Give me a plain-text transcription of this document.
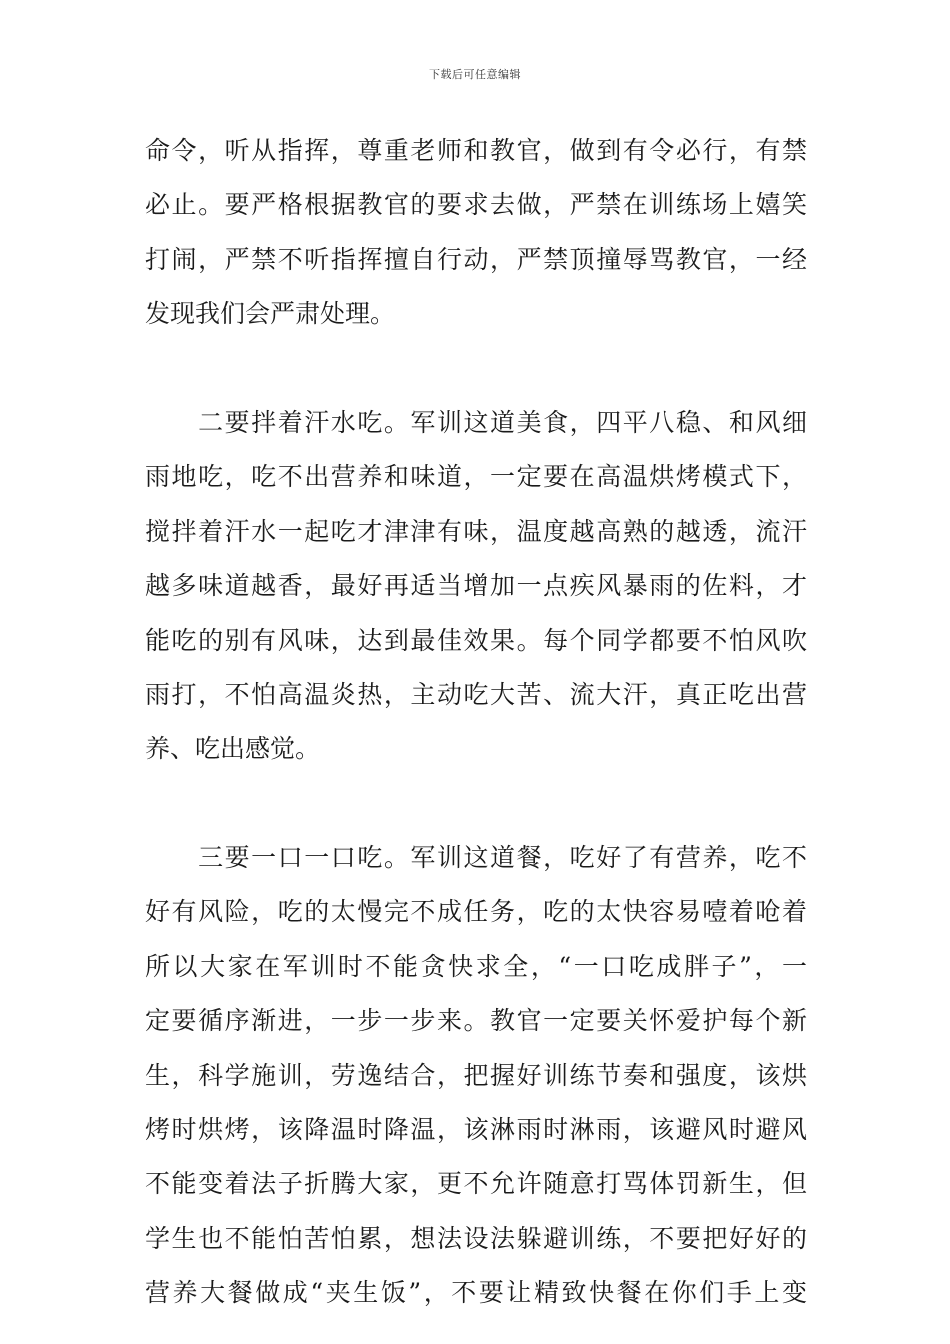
下载后可任意编辑
命令，听从指挥，尊重老师和教官，做到有令必行，有禁
必止。要严格根据教官的要求去做，严禁在训练场上嬉笑
打闹，严禁不听指挥擅自行动，严禁顶撞辱骂教官，一经
发现我们会严肃处理。
　　二要拌着汗水吃。军训这道美食，四平八稳、和风细
雨地吃，吃不出营养和味道，一定要在高温烘烤模式下，
搅拌着汗水一起吃才津津有味，温度越高熟的越透，流汗
越多味道越香，最好再适当增加一点疾风暴雨的佐料，才
能吃的别有风味，达到最佳效果。每个同学都要不怕风吹
雨打，不怕高温炎热，主动吃大苦、流大汗，真正吃出营
养、吃出感觉。
　　三要一口一口吃。军训这道餐，吃好了有营养，吃不
好有风险，吃的太慢完不成任务，吃的太快容易噎着呛着
所以大家在军训时不能贪快求全，“一口吃成胖子”，一
定要循序渐进，一步一步来。教官一定要关怀爱护每个新
生，科学施训，劳逸结合，把握好训练节奏和强度，该烘
烤时烘烤，该降温时降温，该淋雨时淋雨，该避风时避风
不能变着法子折腾大家，更不允许随意打骂体罚新生，但
学生也不能怕苦怕累，想法设法躲避训练，不要把好好的
营养大餐做成“夹生饭”，不要让精致快餐在你们手上变
